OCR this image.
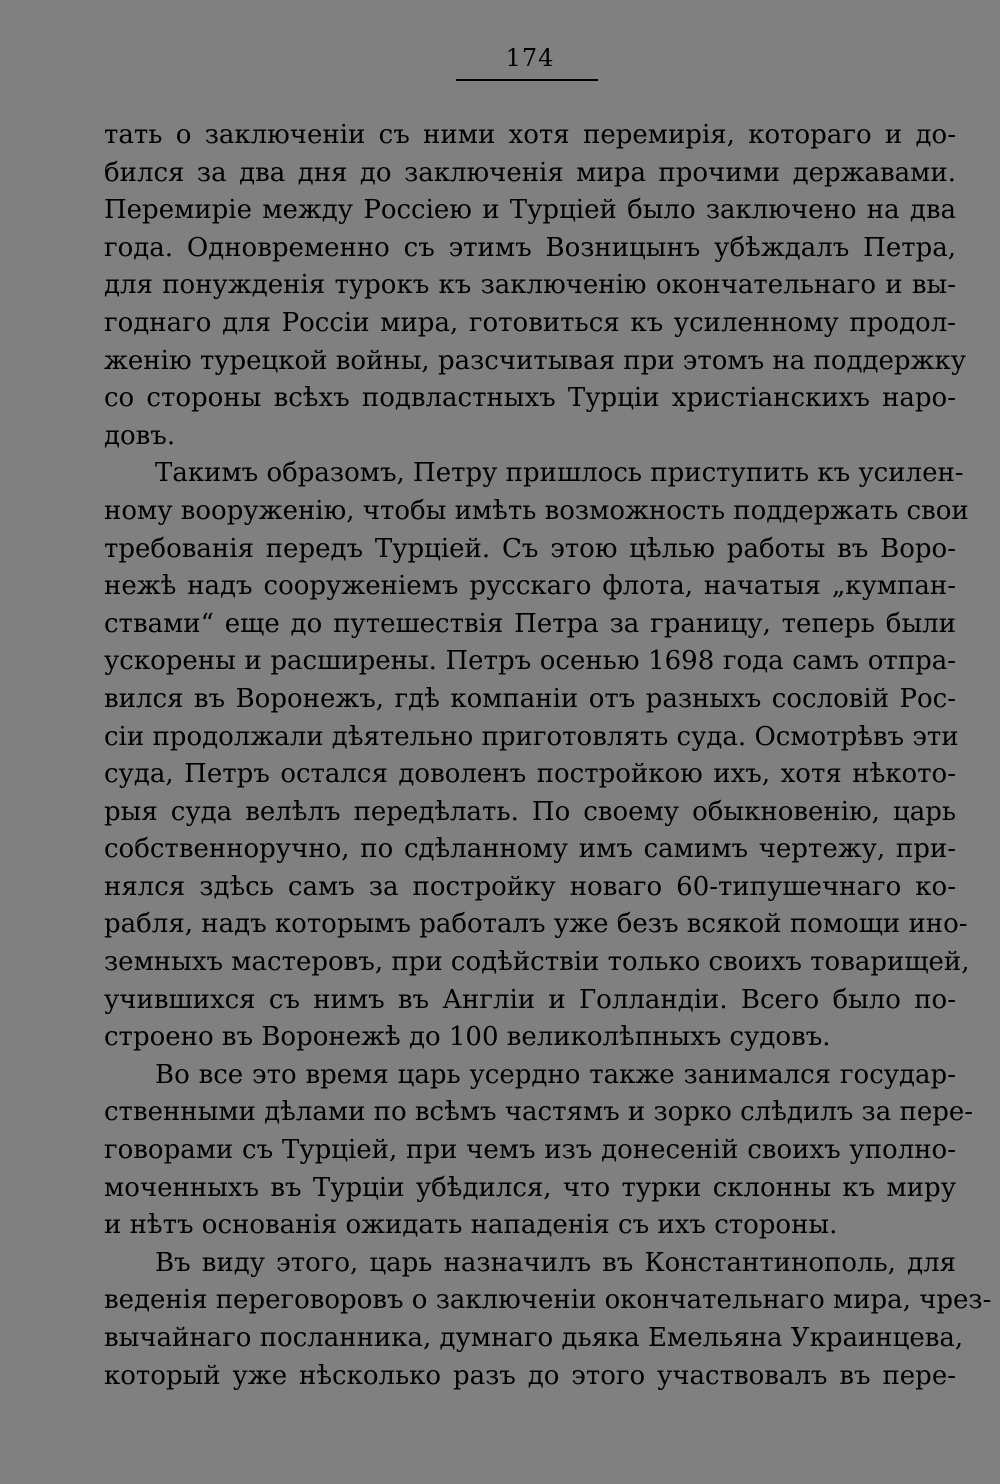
174
тать о заключенiи съ ними хотя перемирiя, котораго и до-
бился за два дня до заключенiя мира прочими державами.
Перемирiе между Россiею и Турцiей было заключено на два
года. Одновременно съ этимъ Возницынъ убѣждалъ Петра,
для понужденiя турокъ къ заключенiю окончательнаго и вы-
годнаго для Россiи мира, готовиться къ усиленному продол-
женiю турецкой войны, разсчитывая при этомъ на поддержку
со стороны всѣхъ подвластныхъ Турцiи христiанскихъ наро-
довъ.
Такимъ образомъ, Петру пришлось приступить къ усилен-
ному вооруженiю, чтобы имѣть возможность поддержать свои
требованiя передъ Турцiей. Съ этою цѣлью работы въ Воро-
нежѣ надъ сооруженiемъ русскаго флота, начатыя „кумпан-
ствами“ еще до путешествiя Петра за границу, теперь были
ускорены и расширены. Петръ осенью 1698 года самъ отпра-
вился въ Воронежъ, гдѣ компанiи отъ разныхъ сословiй Рос-
сiи продолжали дѣятельно приготовлять суда. Осмотрѣвъ эти
суда, Петръ остался доволенъ постройкою ихъ, хотя нѣкото-
рыя суда велѣлъ передѣлать. По своему обыкновенiю, царь
собственноручно, по сдѣланному имъ самимъ чертежу, при-
нялся здѣсь самъ за постройку новаго 60-типушечнаго ко-
рабля, надъ которымъ работалъ уже безъ всякой помощи ино-
земныхъ мастеровъ, при содѣйствiи только своихъ товарищей,
учившихся съ нимъ въ Англiи и Голландiи. Всего было по-
строено въ Воронежѣ до 100 великолѣпныхъ судовъ.
Во все это время царь усердно также занимался государ-
ственными дѣлами по всѣмъ частямъ и зорко слѣдилъ за пере-
говорами съ Турцiей, при чемъ изъ донесенiй своихъ уполно-
моченныхъ въ Турцiи убѣдился, что турки склонны къ миру
и нѣтъ основанiя ожидать нападенiя съ ихъ стороны.
Въ виду этого, царь назначилъ въ Константинополь, для
веденiя переговоровъ о заключенiи окончательнаго мира, чрез-
вычайнаго посланника, думнаго дьяка Емельяна Украинцева,
который уже нѣсколько разъ до этого участвовалъ въ пере-
